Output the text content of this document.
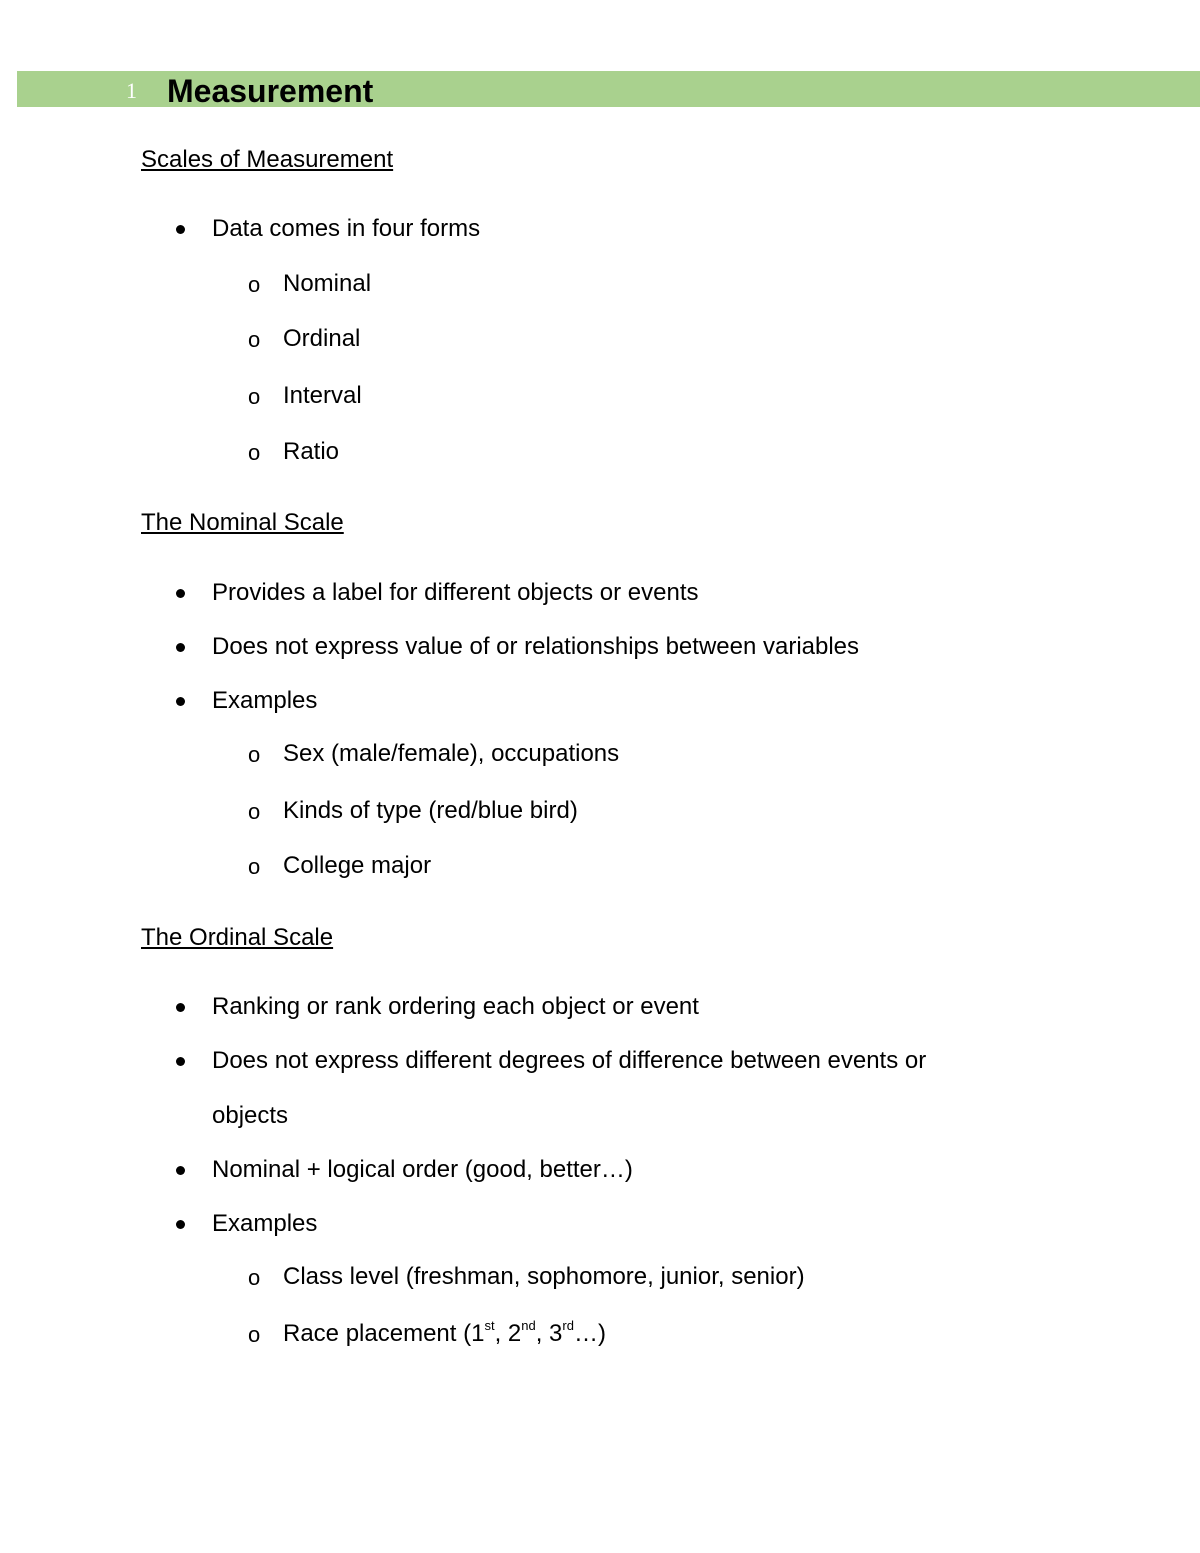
1 Measurement
Scales of Measurement
Data comes in four forms
o Nominal
o Ordinal
o Interval
o Ratio
The Nominal Scale
Provides a label for different objects or events
Does not express value of or relationships between variables
Examples
o Sex (male/female), occupations
o Kinds of type (red/blue bird)
o College major
The Ordinal Scale
Ranking or rank ordering each object or event
Does not express different degrees of difference between events or
objects
Nominal + logical order (good, better…)
Examples
o Class level (freshman, sophomore, junior, senior)
o Race placement (1st, 2nd, 3rd…)
